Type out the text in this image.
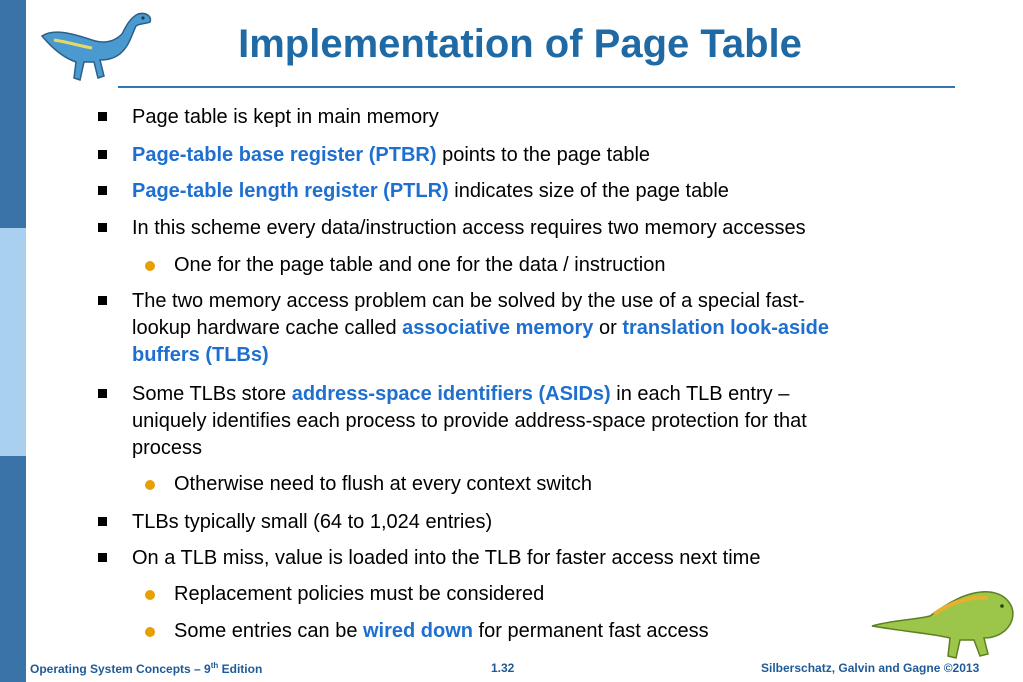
Implementation of Page Table
Page table is kept in main memory
Page-table base register (PTBR) points to the page table
Page-table length register (PTLR) indicates size of the page table
In this scheme every data/instruction access requires two memory accesses
One for the page table and one for the data / instruction
The two memory access problem can be solved by the use of a special fast-
lookup hardware cache called associative memory or translation look-aside
buffers (TLBs)
Some TLBs store address-space identifiers (ASIDs) in each TLB entry –
uniquely identifies each process to provide address-space protection for that
process
Otherwise need to flush at every context switch
TLBs typically small (64 to 1,024 entries)
On a TLB miss, value is loaded into the TLB for faster access next time
Replacement policies must be considered
Some entries can be wired down for permanent fast access
Operating System Concepts – 9th Edition	1.32	Silberschatz, Galvin and Gagne ©2013
